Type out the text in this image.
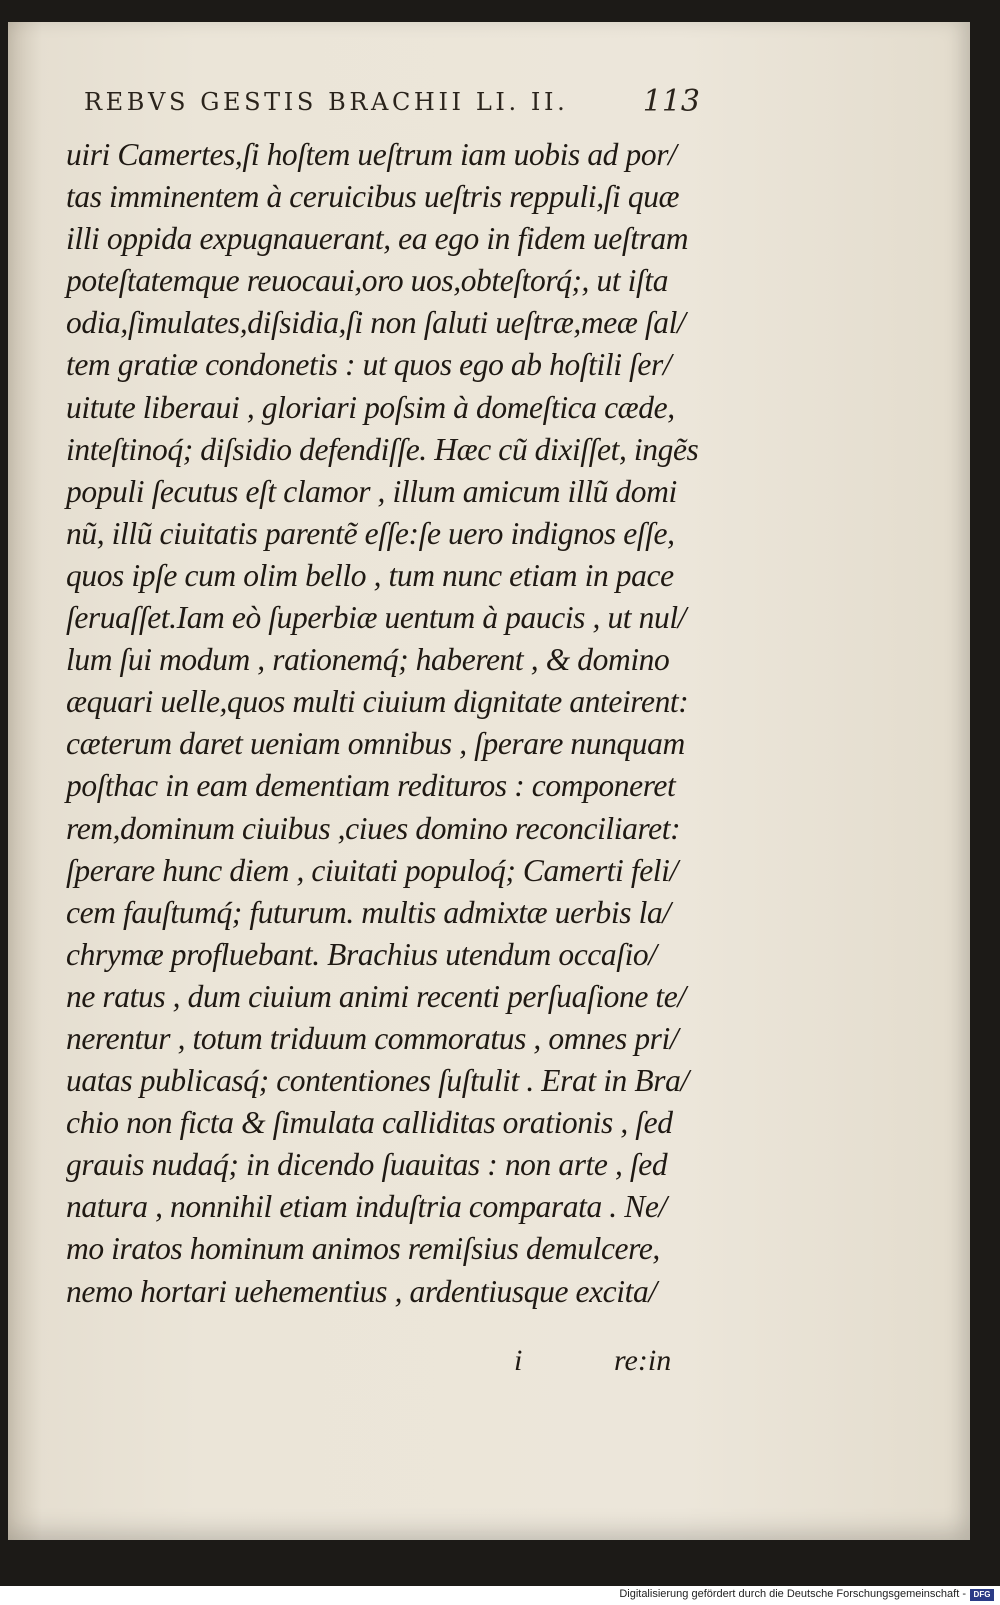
REBVS GESTIS BRACHII LI. II. 113
uiri Camertes,ſi hoſtem ueſtrum iam uobis ad por/
tas imminentem à ceruicibus ueſtris reppuli,ſi quæ
illi oppida expugnauerant, ea ego in fidem ueſtram
poteſtatemque reuocaui,oro uos,obteſtorq́;, ut iſta
odia,ſimulates,diſsidia,ſi non ſaluti ueſtræ,meæ ſal/
tem gratiæ condonetis : ut quos ego ab hoſtili ſer/
uitute liberaui , gloriari poſsim à domeſtica cæde,
inteſtinoq́; diſsidio defendiſſe. Hæc cũ dixiſſet, ingẽs
populi ſecutus eſt clamor , illum amicum illũ domi
nũ, illũ ciuitatis parentẽ eſſe:ſe uero indignos eſſe,
quos ipſe cum olim bello , tum nunc etiam in pace
ſeruaſſet.Iam eò ſuperbiæ uentum à paucis , ut nul/
lum ſui modum , rationemq́; haberent , & domino
æquari uelle,quos multi ciuium dignitate anteirent:
cæterum daret ueniam omnibus , ſperare nunquam
poſthac in eam dementiam redituros : componeret
rem,dominum ciuibus ,ciues domino reconciliaret:
ſperare hunc diem , ciuitati populoq́; Camerti feli/
cem fauſtumq́; futurum. multis admixtæ uerbis la/
chrymæ profluebant. Brachius utendum occaſio/
ne ratus , dum ciuium animi recenti perſuaſione te/
nerentur , totum triduum commoratus , omnes pri/
uatas publicasq́; contentiones ſuſtulit . Erat in Bra/
chio non ficta & ſimulata calliditas orationis , ſed
grauis nudaq́; in dicendo ſuauitas : non arte , ſed
natura , nonnihil etiam induſtria comparata . Ne/
mo iratos hominum animos remiſsius demulcere,
nemo hortari uehementius , ardentiusque excita/
i	re:in
Digitalisierung gefördert durch die Deutsche Forschungsgemeinschaft - DFG
